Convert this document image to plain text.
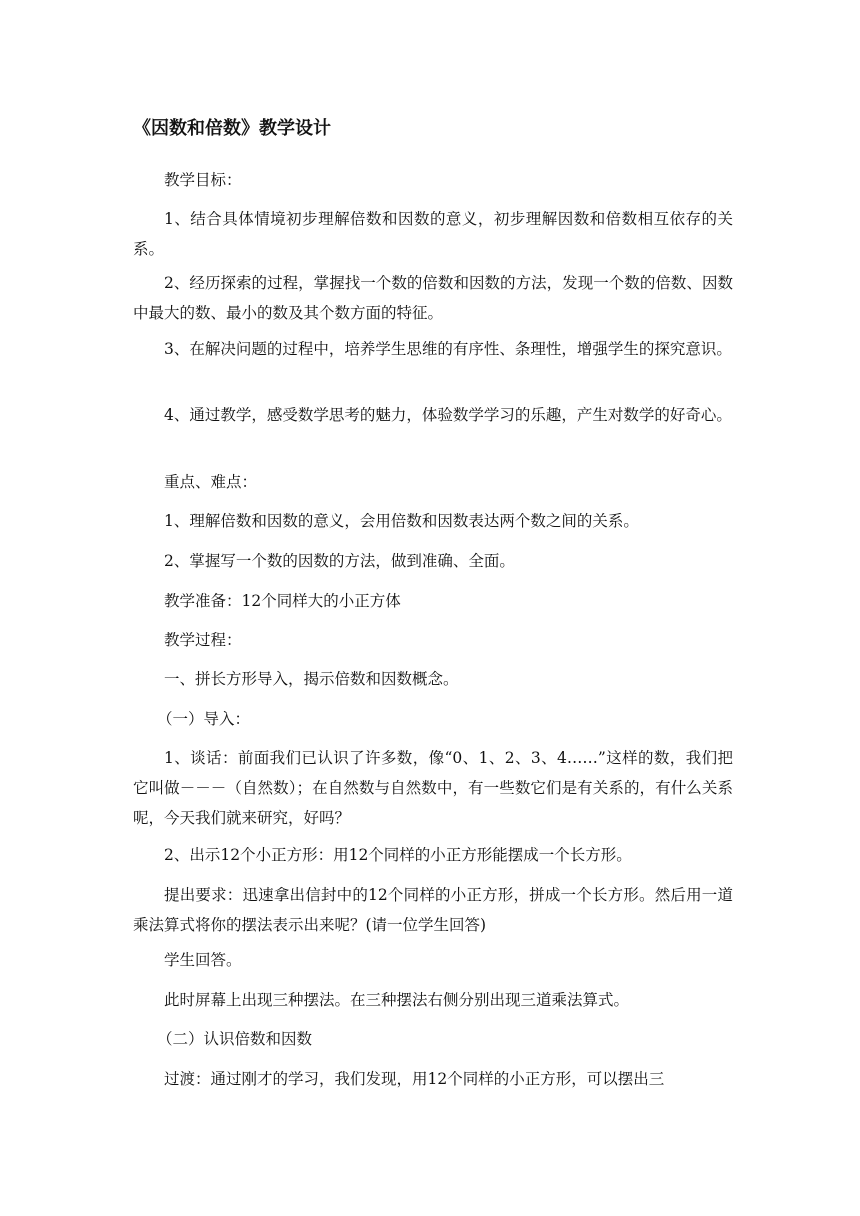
《因数和倍数》教学设计
教学目标：
1、结合具体情境初步理解倍数和因数的意义，初步理解因数和倍数相互依存的关系。
2、经历探索的过程，掌握找一个数的倍数和因数的方法，发现一个数的倍数、因数中最大的数、最小的数及其个数方面的特征。
3、在解决问题的过程中，培养学生思维的有序性、条理性，增强学生的探究意识。
4、通过教学，感受数学思考的魅力，体验数学学习的乐趣，产生对数学的好奇心。
重点、难点：
1、理解倍数和因数的意义，会用倍数和因数表达两个数之间的关系。
2、掌握写一个数的因数的方法，做到准确、全面。
教学准备：12个同样大的小正方体
教学过程：
一、拼长方形导入，揭示倍数和因数概念。
（一）导入：
1、谈话：前面我们已认识了许多数，像“0、1、2、3、4……”这样的数，我们把它叫做－－－（自然数）；在自然数与自然数中，有一些数它们是有关系的，有什么关系呢，今天我们就来研究，好吗？
2、出示12个小正方形：用12个同样的小正方形能摆成一个长方形。
提出要求：迅速拿出信封中的12个同样的小正方形，拼成一个长方形。然后用一道乘法算式将你的摆法表示出来呢？(请一位学生回答)
学生回答。
此时屏幕上出现三种摆法。在三种摆法右侧分别出现三道乘法算式。
（二）认识倍数和因数
过渡：通过刚才的学习，我们发现，用12个同样的小正方形，可以摆出三
